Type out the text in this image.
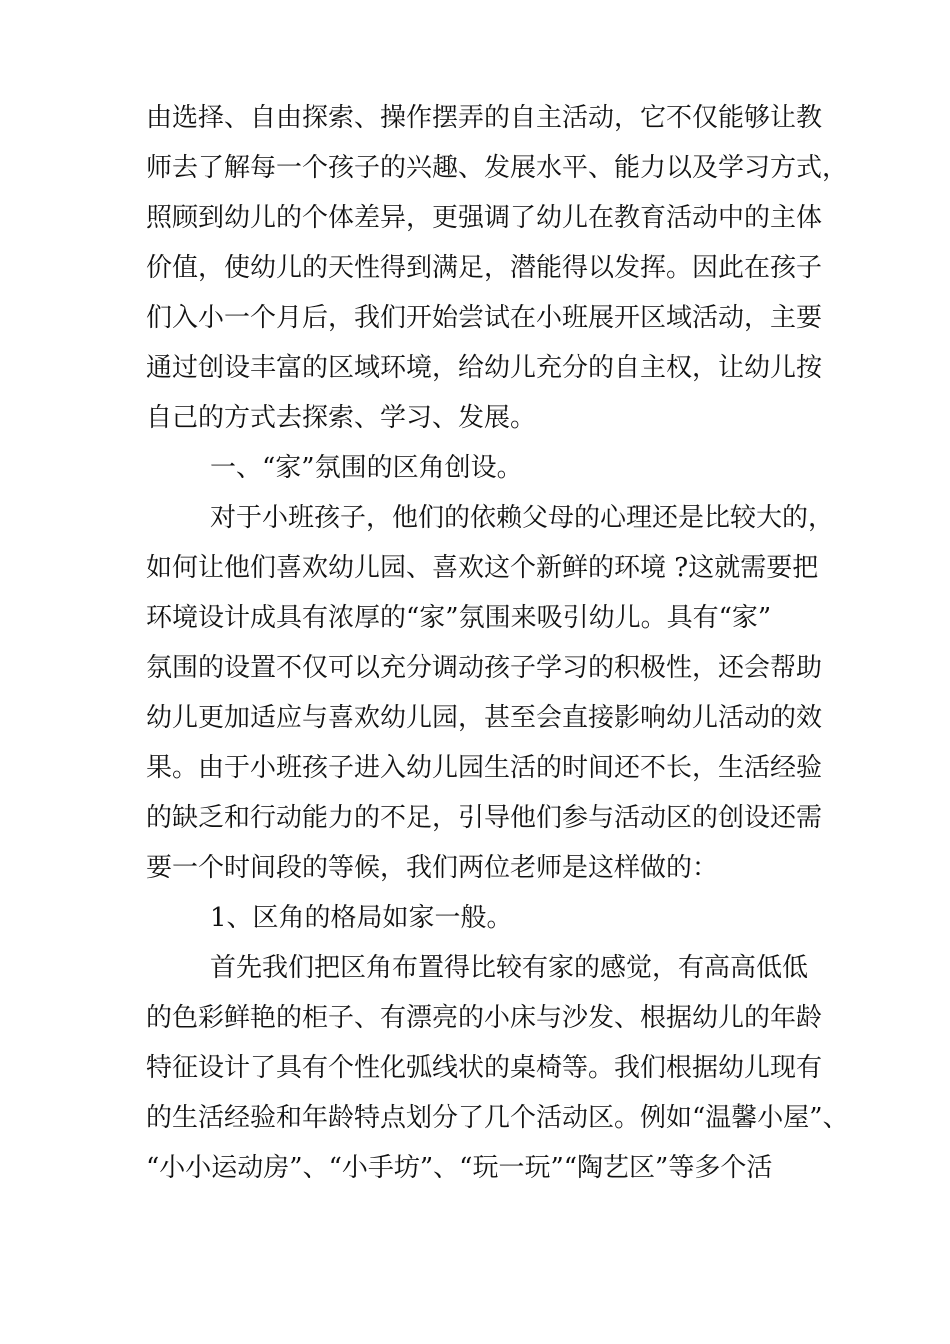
由选择、自由探索、操作摆弄的自主活动，它不仅能够让教
师去了解每一个孩子的兴趣、发展水平、能力以及学习方式，
照顾到幼儿的个体差异，更强调了幼儿在教育活动中的主体
价值，使幼儿的天性得到满足，潜能得以发挥。因此在孩子
们入小一个月后，我们开始尝试在小班展开区域活动，主要
通过创设丰富的区域环境，给幼儿充分的自主权，让幼儿按
自己的方式去探索、学习、发展。
一、“家”氛围的区角创设。
对于小班孩子，他们的依赖父母的心理还是比较大的，
如何让他们喜欢幼儿园、喜欢这个新鲜的环境 ?这就需要把
环境设计成具有浓厚的“家”氛围来吸引幼儿。具有“家”
氛围的设置不仅可以充分调动孩子学习的积极性，还会帮助
幼儿更加适应与喜欢幼儿园，甚至会直接影响幼儿活动的效
果。由于小班孩子进入幼儿园生活的时间还不长，生活经验
的缺乏和行动能力的不足，引导他们参与活动区的创设还需
要一个时间段的等候，我们两位老师是这样做的：
1、区角的格局如家一般。
首先我们把区角布置得比较有家的感觉，有高高低低
的色彩鲜艳的柜子、有漂亮的小床与沙发、根据幼儿的年龄
特征设计了具有个性化弧线状的桌椅等。我们根据幼儿现有
的生活经验和年龄特点划分了几个活动区。例如“温馨小屋”、
“小小运动房”、“小手坊”、“玩一玩”“陶艺区”等多个活
